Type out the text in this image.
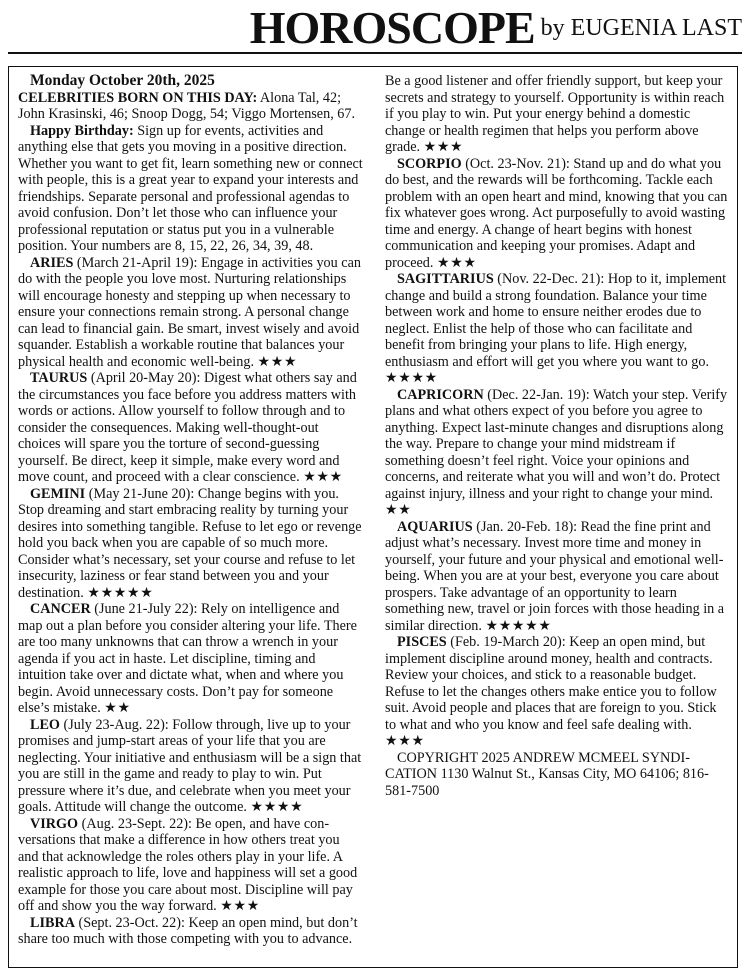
HOROSCOPE by EUGENIA LAST

Monday October 20th, 2025

CELEBRITIES BORN ON THIS DAY: Alona Tal, 42; John Krasinski, 46; Snoop Dogg, 54; Viggo Mortensen, 67.

Happy Birthday: Sign up for events, activities and anything else that gets you moving in a positive direction. Whether you want to get fit, learn something new or connect with people, this is a great year to expand your interests and friendships. Separate personal and professional agendas to avoid confusion. Don’t let those who can influence your professional reputation or status put you in a vulnerable position. Your numbers are 8, 15, 22, 26, 34, 39, 48.

ARIES (March 21-April 19): Engage in activities you can do with the people you love most. Nurturing relationships will encourage honesty and stepping up when necessary to ensure your connections remain strong. A personal change can lead to financial gain. Be smart, invest wisely and avoid squander. Establish a workable routine that balances your physical health and economic well-being. ★★★

TAURUS (April 20-May 20): Digest what others say and the circumstances you face before you address matters with words or actions. Allow yourself to follow through and to consider the consequences. Making well-thought-out choices will spare you the torture of second-guessing yourself. Be direct, keep it simple, make every word and move count, and proceed with a clear conscience. ★★★

GEMINI (May 21-June 20): Change begins with you. Stop dreaming and start embracing reality by turning your desires into something tangible. Refuse to let ego or revenge hold you back when you are capable of so much more. Consider what’s necessary, set your course and refuse to let insecurity, laziness or fear stand between you and your destination. ★★★★★

CANCER (June 21-July 22): Rely on intelligence and map out a plan before you consider altering your life. There are too many unknowns that can throw a wrench in your agenda if you act in haste. Let discipline, timing and intuition take over and dictate what, when and where you begin. Avoid unnecessary costs. Don’t pay for someone else’s mistake. ★★

LEO (July 23-Aug. 22): Follow through, live up to your promises and jump-start areas of your life that you are neglecting. Your initiative and enthusiasm will be a sign that you are still in the game and ready to play to win. Put pressure where it’s due, and celebrate when you meet your goals. Attitude will change the outcome. ★★★★

VIRGO (Aug. 23-Sept. 22): Be open, and have conversations that make a difference in how others treat you and that acknowledge the roles others play in your life. A realistic approach to life, love and happiness will set a good example for those you care about most. Discipline will pay off and show you the way forward. ★★★

LIBRA (Sept. 23-Oct. 22): Keep an open mind, but don’t share too much with those competing with you to advance. Be a good listener and offer friendly support, but keep your secrets and strategy to yourself. Opportunity is within reach if you play to win. Put your energy behind a domestic change or health regimen that helps you perform above grade. ★★★

SCORPIO (Oct. 23-Nov. 21): Stand up and do what you do best, and the rewards will be forthcoming. Tackle each problem with an open heart and mind, knowing that you can fix whatever goes wrong. Act purposefully to avoid wasting time and energy. A change of heart begins with honest communication and keeping your promises. Adapt and proceed. ★★★

SAGITTARIUS (Nov. 22-Dec. 21): Hop to it, implement change and build a strong foundation. Balance your time between work and home to ensure neither erodes due to neglect. Enlist the help of those who can facilitate and benefit from bringing your plans to life. High energy, enthusiasm and effort will get you where you want to go. ★★★★

CAPRICORN (Dec. 22-Jan. 19): Watch your step. Verify plans and what others expect of you before you agree to anything. Expect last-minute changes and disruptions along the way. Prepare to change your mind midstream if something doesn’t feel right. Voice your opinions and concerns, and reiterate what you will and won’t do. Protect against injury, illness and your right to change your mind. ★★

AQUARIUS (Jan. 20-Feb. 18): Read the fine print and adjust what’s necessary. Invest more time and money in yourself, your future and your physical and emotional well-being. When you are at your best, everyone you care about prospers. Take advantage of an opportunity to learn something new, travel or join forces with those heading in a similar direction. ★★★★★

PISCES (Feb. 19-March 20): Keep an open mind, but implement discipline around money, health and contracts. Review your choices, and stick to a reasonable budget. Refuse to let the changes others make entice you to follow suit. Avoid people and places that are foreign to you. Stick to what and who you know and feel safe dealing with. ★★★

COPYRIGHT 2025 ANDREW MCMEEL SYNDICATION 1130 Walnut St., Kansas City, MO 64106; 816-581-7500
